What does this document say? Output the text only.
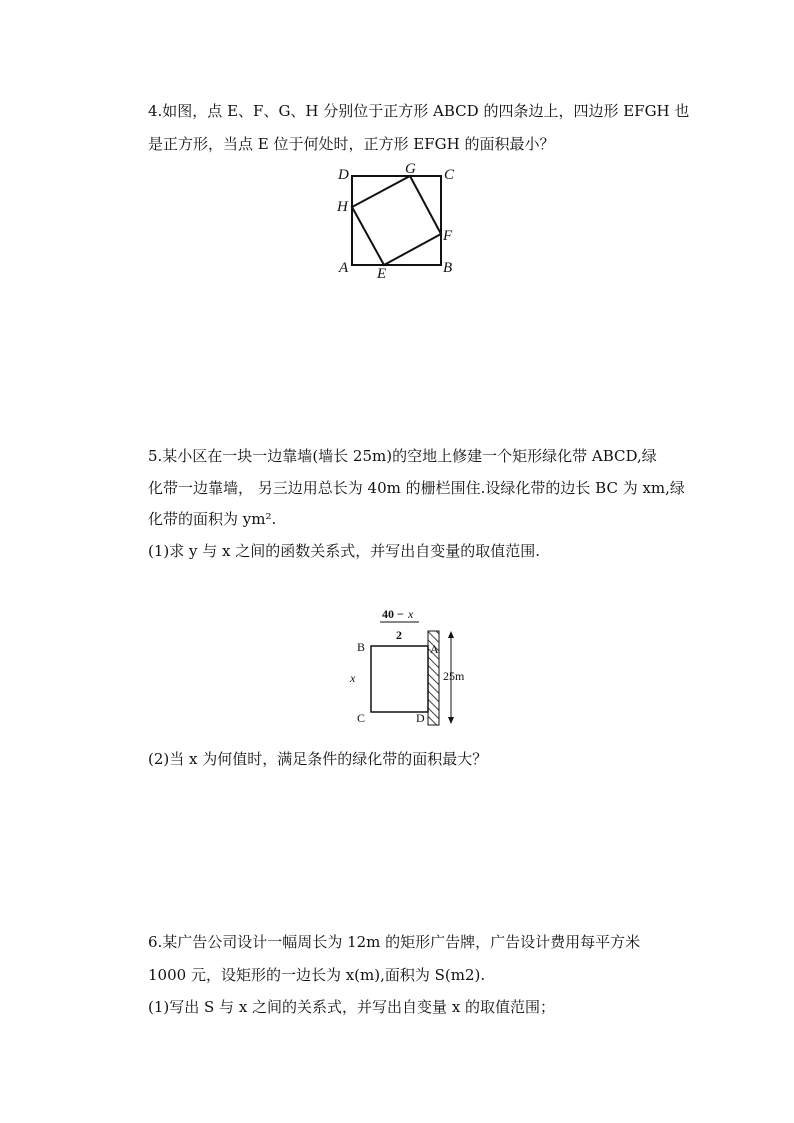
4.如图，点 E、F、G、H 分别位于正方形 ABCD 的四条边上，四边形 EFGH 也
是正方形，当点 E 位于何处时，正方形 EFGH 的面积最小？
D	G C
H
F
A E	B
5.某小区在一块一边靠墙(墙长 25m)的空地上修建一个矩形绿化带 ABCD,绿
化带一边靠墙， 另三边用总长为 40m 的栅栏围住.设绿化带的边长 BC 为 xm,绿
化带的面积为 ym².
(1)求 y 与 x 之间的函数关系式，并写出自变量的取值范围.
40 − x
2
25m
B	A
x
C	D
(2)当 x 为何值时，满足条件的绿化带的面积最大？
6.某广告公司设计一幅周长为 12m 的矩形广告牌，广告设计费用每平方米
1000 元，设矩形的一边长为 x(m),面积为 S(m2).
(1)写出 S 与 x 之间的关系式，并写出自变量 x 的取值范围；
